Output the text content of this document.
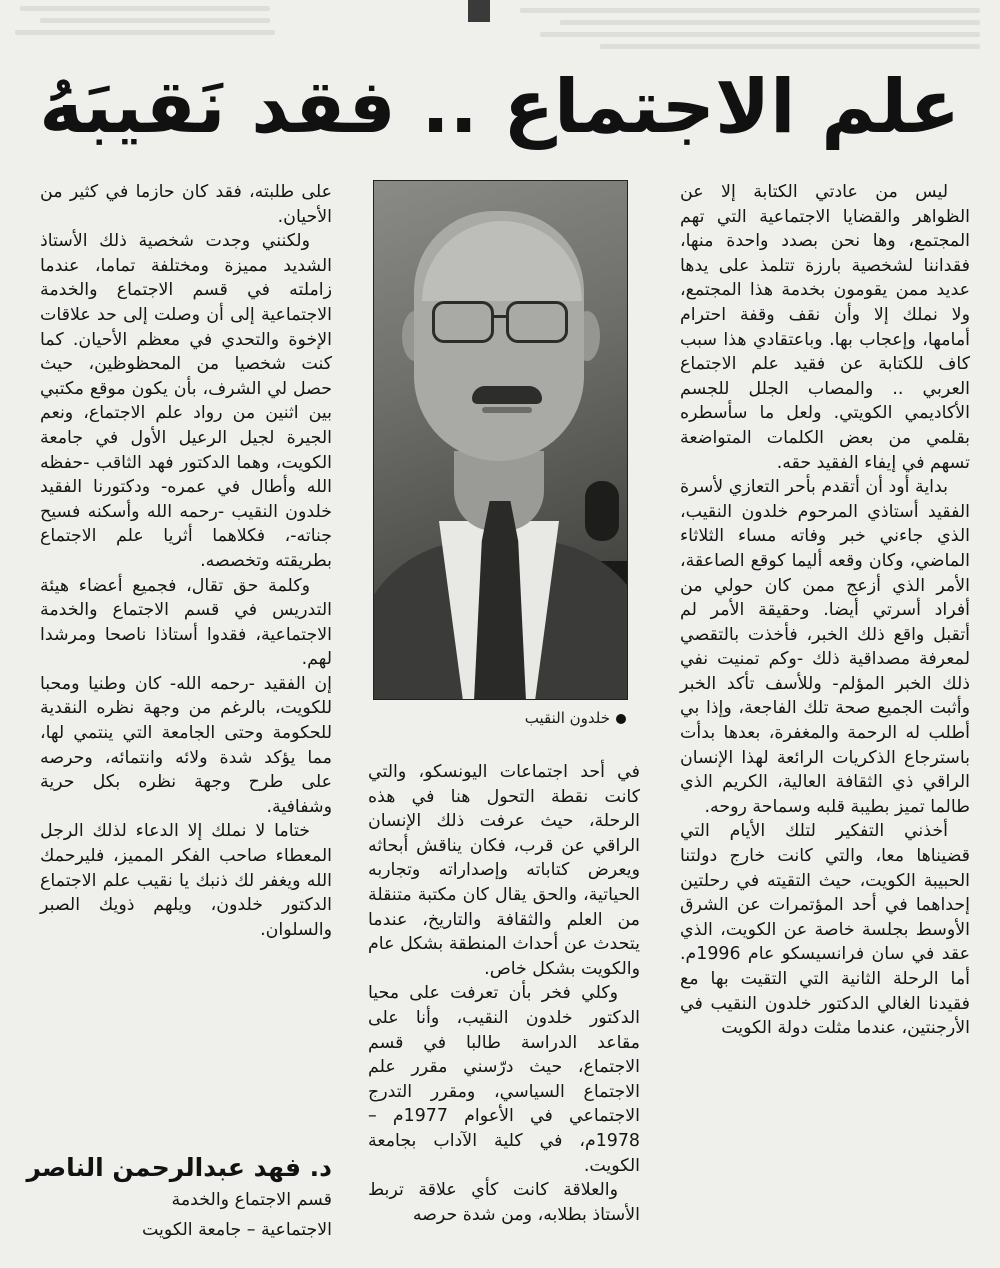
علم الاجتماع .. فقد نَقيبَهُ

ليس من عادتي الكتابة إلا عن الظواهر والقضايا الاجتماعية التي تهم المجتمع، وها نحن بصدد واحدة منها، فقداننا لشخصية بارزة تتلمذ على يدها عديد ممن يقومون بخدمة هذا المجتمع، ولا نملك إلا وأن نقف وقفة احترام أمامها، وإعجاب بها. وباعتقادي هذا سبب كاف للكتابة عن فقيد علم الاجتماع العربي .. والمصاب الجلل للجسم الأكاديمي الكويتي. ولعل ما سأسطره بقلمي من بعض الكلمات المتواضعة تسهم في إيفاء الفقيد حقه.

بداية أود أن أتقدم بأحر التعازي لأسرة الفقيد أستاذي المرحوم خلدون النقيب، الذي جاءني خبر وفاته مساء الثلاثاء الماضي، وكان وقعه أليما كوقع الصاعقة، الأمر الذي أزعج ممن كان حولي من أفراد أسرتي أيضا. وحقيقة الأمر لم أتقبل واقع ذلك الخبر، فأخذت بالتقصي لمعرفة مصداقية ذلك -وكم تمنيت نفي ذلك الخبر المؤلم- وللأسف تأكد الخبر وأثبت الجميع صحة تلك الفاجعة، وإذا بي أطلب له الرحمة والمغفرة، بعدها بدأت باسترجاع الذكريات الرائعة لهذا الإنسان الراقي ذي الثقافة العالية، الكريم الذي طالما تميز بطيبة قلبه وسماحة روحه.

أخذني التفكير لتلك الأيام التي قضيناها معا، والتي كانت خارج دولتنا الحبيبة الكويت، حيث التقيته في رحلتين إحداهما في أحد المؤتمرات عن الشرق الأوسط بجلسة خاصة عن الكويت، الذي عقد في سان فرانسيسكو عام 1996م. أما الرحلة الثانية التي التقيت بها مع فقيدنا الغالي الدكتور خلدون النقيب في الأرجنتين، عندما مثلت دولة الكويت

خلدون النقيب

في أحد اجتماعات اليونسكو، والتي كانت نقطة التحول هنا في هذه الرحلة، حيث عرفت ذلك الإنسان الراقي عن قرب، فكان يناقش أبحاثه ويعرض كتاباته وإصداراته وتجاربه الحياتية، والحق يقال كان مكتبة متنقلة من العلم والثقافة والتاريخ، عندما يتحدث عن أحداث المنطقة بشكل عام والكويت بشكل خاص.

وكلي فخر بأن تعرفت على محيا الدكتور خلدون النقيب، وأنا على مقاعد الدراسة طالبا في قسم الاجتماع، حيث درّسني مقرر علم الاجتماع السياسي، ومقرر التدرج الاجتماعي في الأعوام 1977م – 1978م، في كلية الآداب بجامعة الكويت.

والعلاقة كانت كأي علاقة تربط الأستاذ بطلابه، ومن شدة حرصه

على طلبته، فقد كان حازما في كثير من الأحيان.

ولكنني وجدت شخصية ذلك الأستاذ الشديد مميزة ومختلفة تماما، عندما زاملته في قسم الاجتماع والخدمة الاجتماعية إلى أن وصلت إلى حد علاقات الإخوة والتحدي في معظم الأحيان. كما كنت شخصيا من المحظوظين، حيث حصل لي الشرف، بأن يكون موقع مكتبي بين اثنين من رواد علم الاجتماع، ونعم الجيرة لجيل الرعيل الأول في جامعة الكويت، وهما الدكتور فهد الثاقب -حفظه الله وأطال في عمره- ودكتورنا الفقيد خلدون النقيب -رحمه الله وأسكنه فسيح جناته-، فكلاهما أثريا علم الاجتماع بطريقته وتخصصه.

وكلمة حق تقال، فجميع أعضاء هيئة التدريس في قسم الاجتماع والخدمة الاجتماعية، فقدوا أستاذا ناصحا ومرشدا لهم.

إن الفقيد -رحمه الله- كان وطنيا ومحبا للكويت، بالرغم من وجهة نظره النقدية للحكومة وحتى الجامعة التي ينتمي لها، مما يؤكد شدة ولائه وانتمائه، وحرصه على طرح وجهة نظره بكل حرية وشفافية.

ختاما لا نملك إلا الدعاء لذلك الرجل المعطاء صاحب الفكر المميز، فليرحمك الله ويغفر لك ذنبك يا نقيب علم الاجتماع الدكتور خلدون، ويلهم ذويك الصبر والسلوان.

د. فهد عبدالرحمن الناصر
قسم الاجتماع والخدمة
الاجتماعية – جامعة الكويت
